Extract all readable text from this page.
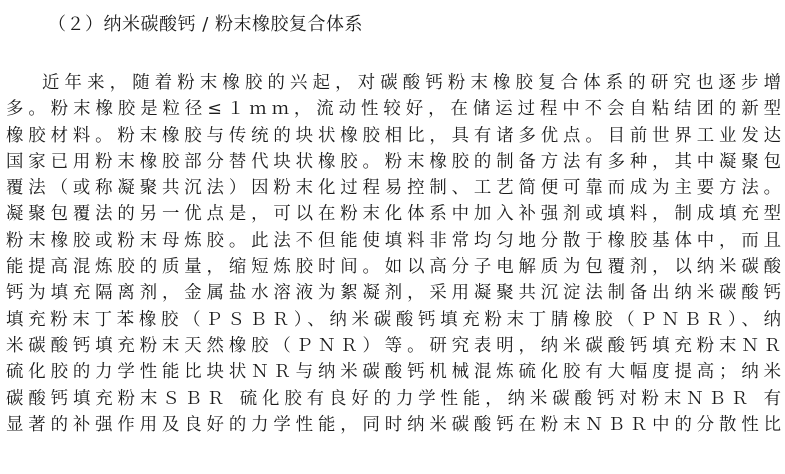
（２）纳米碳酸钙 / 粉末橡胶复合体系
近年来，随着粉末橡胶的兴起，对碳酸钙粉末橡胶复合体系的研究也逐步增
多。粉末橡胶是粒径≤１ｍｍ，流动性较好，在储运过程中不会自粘结团的新型
橡胶材料。粉末橡胶与传统的块状橡胶相比，具有诸多优点。目前世界工业发达
国家已用粉末橡胶部分替代块状橡胶。粉末橡胶的制备方法有多种，其中凝聚包
覆法（或称凝聚共沉法）因粉末化过程易控制、工艺简便可靠而成为主要方法。
凝聚包覆法的另一优点是，可以在粉末化体系中加入补强剂或填料，制成填充型
粉末橡胶或粉末母炼胶。此法不但能使填料非常均匀地分散于橡胶基体中，而且
能提高混炼胶的质量，缩短炼胶时间。如以高分子电解质为包覆剂，以纳米碳酸
钙为填充隔离剂，金属盐水溶液为絮凝剂，采用凝聚共沉淀法制备出纳米碳酸钙
填充粉末丁苯橡胶（ＰＳＢＲ）、纳米碳酸钙填充粉末丁腈橡胶（ＰＮＢＲ）、纳
米碳酸钙填充粉末天然橡胶（ＰＮＲ）等。研究表明，纳米碳酸钙填充粉末ＮＲ
硫化胶的力学性能比块状ＮＲ与纳米碳酸钙机械混炼硫化胶有大幅度提高；纳米
碳酸钙填充粉末ＳＢＲ 硫化胶有良好的力学性能，纳米碳酸钙对粉末ＮＢＲ 有
显著的补强作用及良好的力学性能，同时纳米碳酸钙在粉末ＮＢＲ中的分散性比
